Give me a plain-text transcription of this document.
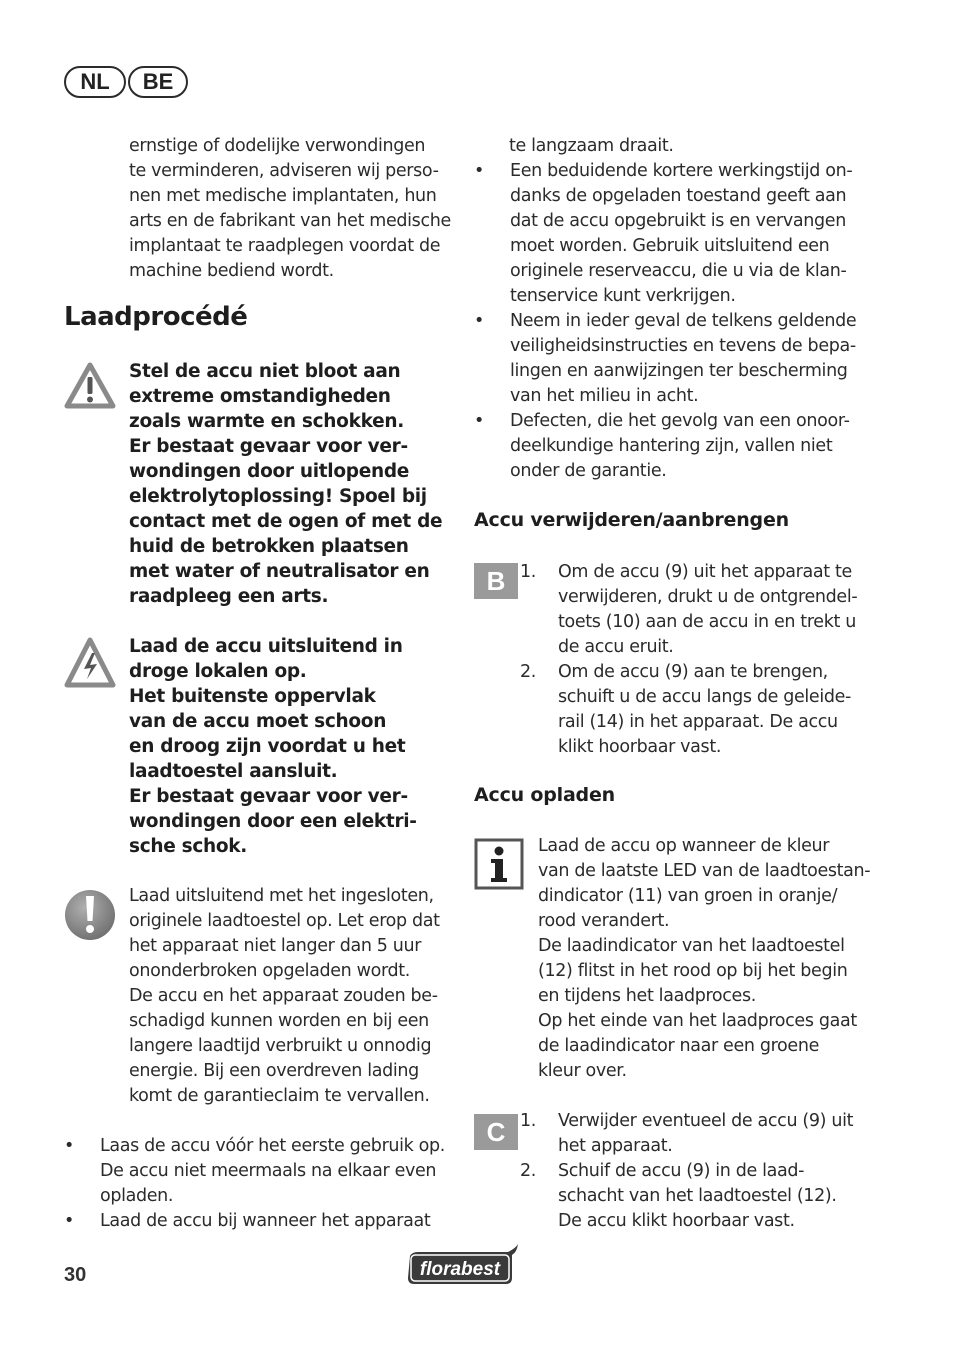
NL	BE

ernstige of dodelijke verwondingen

te verminderen, adviseren wij perso-

nen met medische implantaten, hun

arts en de fabrikant van het medische

implantaat te raadplegen voordat de

machine bediend wordt.

Laadprocédé

Stel de accu niet bloot aan

extreme omstandigheden

zoals warmte en schokken.

Er bestaat gevaar voor ver-

wondingen door uitlopende

elektrolytoplossing! Spoel bij

contact met de ogen of met de

huid de betrokken plaatsen

met water of neutralisator en

raadpleeg een arts.

Laad de accu uitsluitend in

droge lokalen op.

Het buitenste oppervlak

van de accu moet schoon

en droog zijn voordat u het

laadtoestel aansluit.

Er bestaat gevaar voor ver-

wondingen door een elektri-

sche schok.

Laad uitsluitend met het ingesloten,

originele laadtoestel op. Let erop dat

het apparaat niet langer dan 5 uur

ononderbroken opgeladen wordt.

De accu en het apparaat zouden be-

schadigd kunnen worden en bij een

langere laadtijd verbruikt u onnodig

energie. Bij een overdreven lading

komt de garantieclaim te vervallen.

• Laas de accu vóór het eerste gebruik op.
De accu niet meermaals na elkaar even
opladen.
• Laad de accu bij wanneer het apparaat

te langzaam draait.

• Een beduidende kortere werkingstijd on-
danks de opgeladen toestand geeft aan
dat de accu opgebruikt is en vervangen
moet worden. Gebruik uitsluitend een
originele reserveaccu, die u via de klan-
tenservice kunt verkrijgen.
• Neem in ieder geval de telkens geldende
veiligheidsinstructies en tevens de bepa-
lingen en aanwijzingen ter bescherming
van het milieu in acht.
• Defecten, die het gevolg van een onoor-
deelkundige hantering zijn, vallen niet
onder de garantie.
Accu verwijderen/aanbrengen
B 1. Om de accu (9) uit het apparaat te
verwijderen, drukt u de ontgrendel-
toets (10) aan de accu in en trekt u
de accu eruit.
2. Om de accu (9) aan te brengen,
schuift u de accu langs de geleide-
rail (14) in het apparaat. De accu
klikt hoorbaar vast.
Accu opladen

Laad de accu op wanneer de kleur

van de laatste LED van de laadtoestan-

dindicator (11) van groen in oranje/

rood verandert.

De laadindicator van het laadtoestel

(12) flitst in het rood op bij het begin

en tijdens het laadproces.

Op het einde van het laadproces gaat

de laadindicator naar een groene

kleur over.

C 1. Verwijder eventueel de accu (9) uit
het apparaat.
2. Schuif de accu (9) in de laad-
schacht van het laadtoestel (12).
De accu klikt hoorbaar vast.
30	florabest
